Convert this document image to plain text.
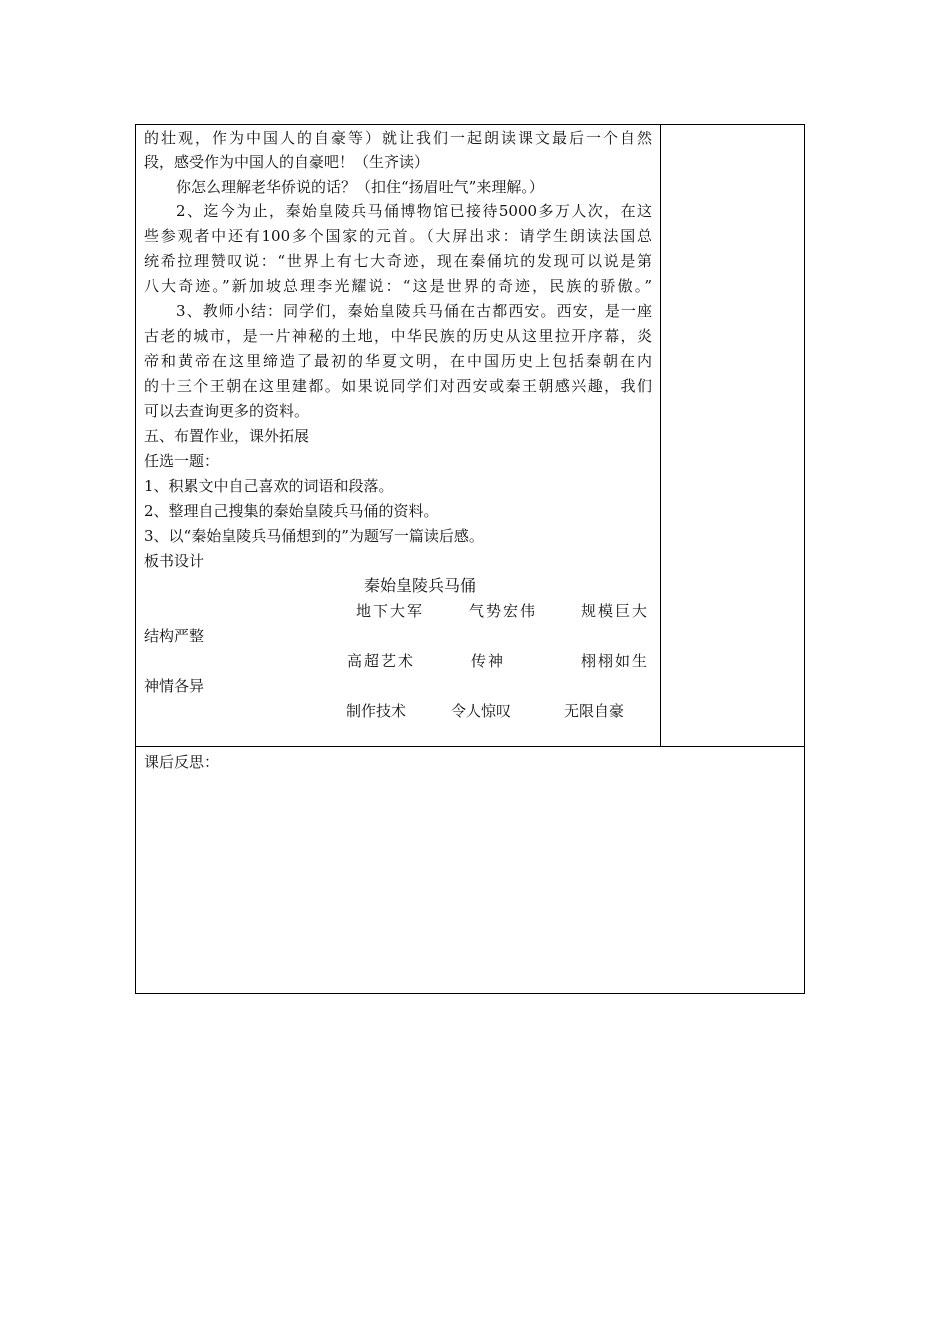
的壮观，作为中国人的自豪等）就让我们一起朗读课文最后一个自然
段，感受作为中国人的自豪吧！（生齐读）
你怎么理解老华侨说的话？（扣住“扬眉吐气”来理解。）
2、迄今为止，秦始皇陵兵马俑博物馆已接待5000多万人次，在这
些参观者中还有100多个国家的元首。（大屏出求：请学生朗读法国总
统希拉理赞叹说：“世界上有七大奇迹，现在秦俑坑的发现可以说是第
八大奇迹。”新加坡总理李光耀说：“这是世界的奇迹，民族的骄傲。”
3、教师小结：同学们，秦始皇陵兵马俑在古都西安。西安，是一座
古老的城市，是一片神秘的土地，中华民族的历史从这里拉开序幕，炎
帝和黄帝在这里缔造了最初的华夏文明，在中国历史上包括秦朝在内
的十三个王朝在这里建都。如果说同学们对西安或秦王朝感兴趣，我们
可以去查询更多的资料。
五、布置作业，课外拓展
任选一题：
1、积累文中自己喜欢的词语和段落。
2、整理自己搜集的秦始皇陵兵马俑的资料。
3、以“秦始皇陵兵马俑想到的”为题写一篇读后感。
板书设计
秦始皇陵兵马俑
地下大军	气势宏伟	规模巨大
结构严整
高超艺术	传神	栩栩如生
神情各异
制作技术	令人惊叹	无限自豪
课后反思：
